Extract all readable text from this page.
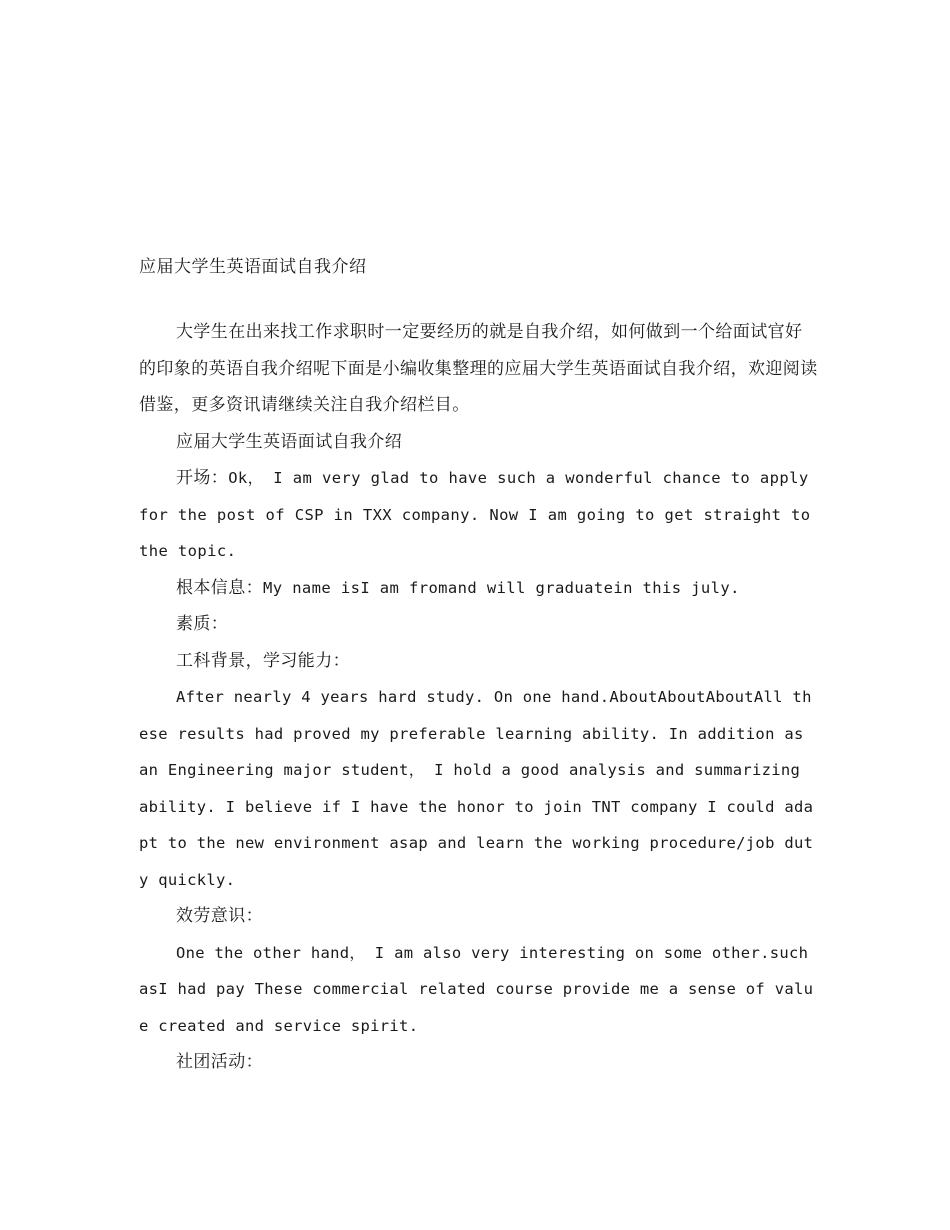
应届大学生英语面试自我介绍

大学生在出来找工作求职时一定要经历的就是自我介绍，如何做到一个给面试官好的印象的英语自我介绍呢下面是小编收集整理的应届大学生英语面试自我介绍，欢迎阅读借鉴，更多资讯请继续关注自我介绍栏目。

应届大学生英语面试自我介绍

开场：Ok， I am very glad to have such a wonderful chance to apply for the post of CSP in TXX company. Now I am going to get straight to the topic.

根本信息：My name isI am fromand will graduatein this july.

素质：

工科背景，学习能力：

After nearly 4 years hard study. On one hand.AboutAboutAboutAll these results had proved my preferable learning ability. In addition as an Engineering major student， I hold a good analysis and summarizing ability. I believe if I have the honor to join TNT company I could adapt to the new environment asap and learn the working procedure/job duty quickly.

效劳意识：

One the other hand， I am also very interesting on some other.such asI had pay These commercial related course provide me a sense of value created and service spirit.

社团活动：
